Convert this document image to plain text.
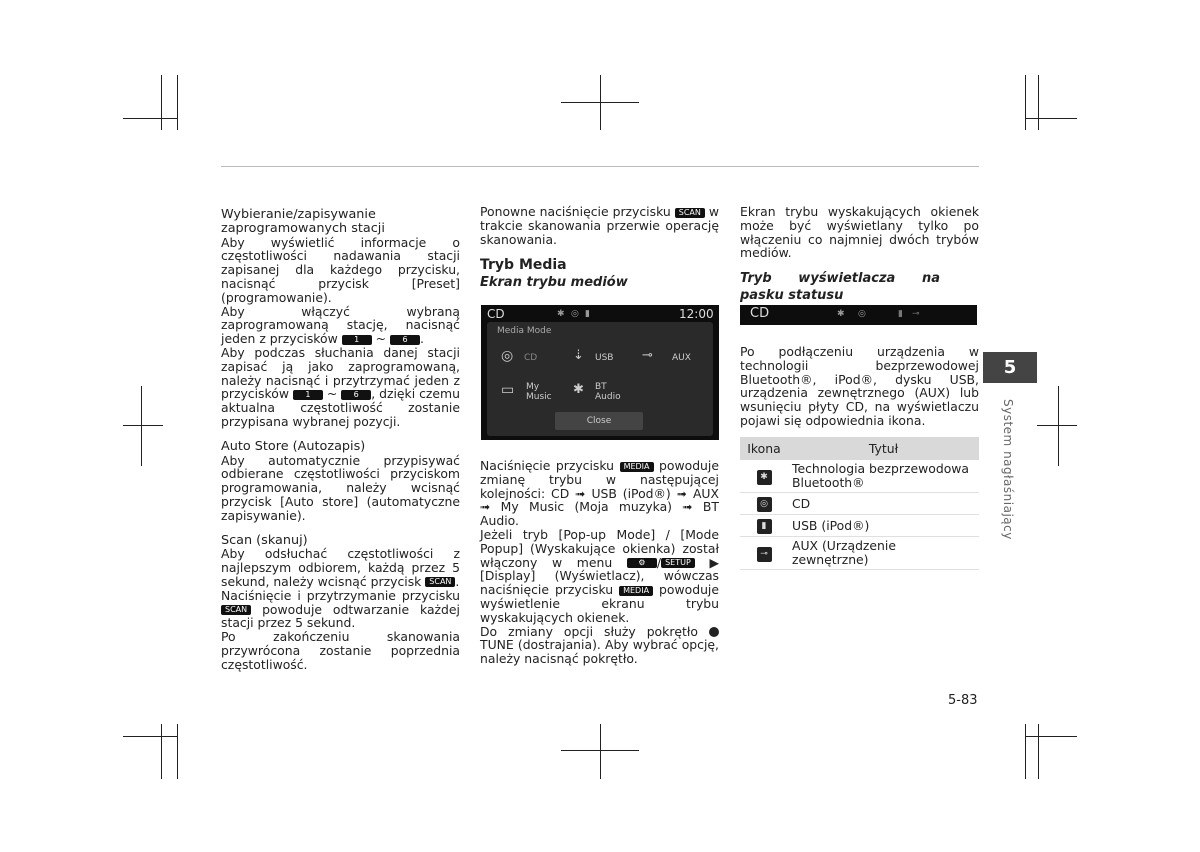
Wybieranie/zapisywanie zaprogramowanych stacji

Aby wyświetlić informacje o częstotliwości nadawania stacji zapisanej dla każdego przycisku, nacisnąć przycisk [Preset] (programowanie).

Aby włączyć wybraną zaprogramowaną stację, nacisnąć jeden z przycisków 1 ~ 6 .

Aby podczas słuchania danej stacji zapisać ją jako zaprogramowaną, należy nacisnąć i przytrzymać jeden z przycisków 1 ~ 6 , dzięki czemu aktualna częstotliwość zostanie przypisana wybranej pozycji.

Auto Store (Autozapis)

Aby automatycznie przypisywać odbierane częstotliwości przyciskom programowania, należy wcisnąć przycisk [Auto store] (automatyczne zapisywanie).

Scan (skanuj)

Aby odsłuchać częstotliwości z najlepszym odbiorem, każdą przez 5 sekund, należy wcisnąć przycisk SCAN .

Naciśnięcie i przytrzymanie przycisku SCAN powoduje odtwarzanie każdej stacji przez 5 sekund.

Po zakończeniu skanowania przywrócona zostanie poprzednia częstotliwość.

Ponowne naciśnięcie przycisku SCAN w trakcie skanowania przerwie operację skanowania.

Tryb Media

Ekran trybu mediów

CD	✱ ◎ ▮	12:00
Media Mode
◎ CD	⇣ USB ⊸ AUX
▭ My Music	✱ BT Audio
Close

Naciśnięcie przycisku MEDIA powoduje zmianę trybu w następującej kolejności: CD ➟ USB (iPod®) ➟ AUX ➟ My Music (Moja muzyka) ➟ BT Audio.

Jeżeli tryb [Pop-up Mode] / [Mode Popup] (Wyskakujące okienka) został włączony w menu	⚙ / SETUP ▶ [Display] (Wyświetlacz), wówczas naciśnięcie przycisku MEDIA powoduje wyświetlenie ekranu trybu wyskakujących okienek.

Do zmiany opcji służy pokrętło  TUNE (dostrajania). Aby wybrać opcję, należy nacisnąć pokrętło.

Ekran trybu wyskakujących okienek może być wyświetlany tylko po włączeniu co najmniej dwóch trybów mediów.

Tryb wyświetlacza na pasku statusu

CD	✱ ◎	▮ ⊸

Po podłączeniu urządzenia w technologii bezprzewodowej Bluetooth®, iPod®, dysku USB, urządzenia zewnętrznego (AUX) lub wsunięciu płyty CD, na wyświetlaczu pojawi się odpowiednia ikona.

Ikona	Tytuł
✱	Technologia bezprzewodowa Bluetooth®
◎	CD
▮	USB (iPod®)
⊸	AUX (Urządzenie zewnętrzne)
5
System nagłaśniający
5-83
